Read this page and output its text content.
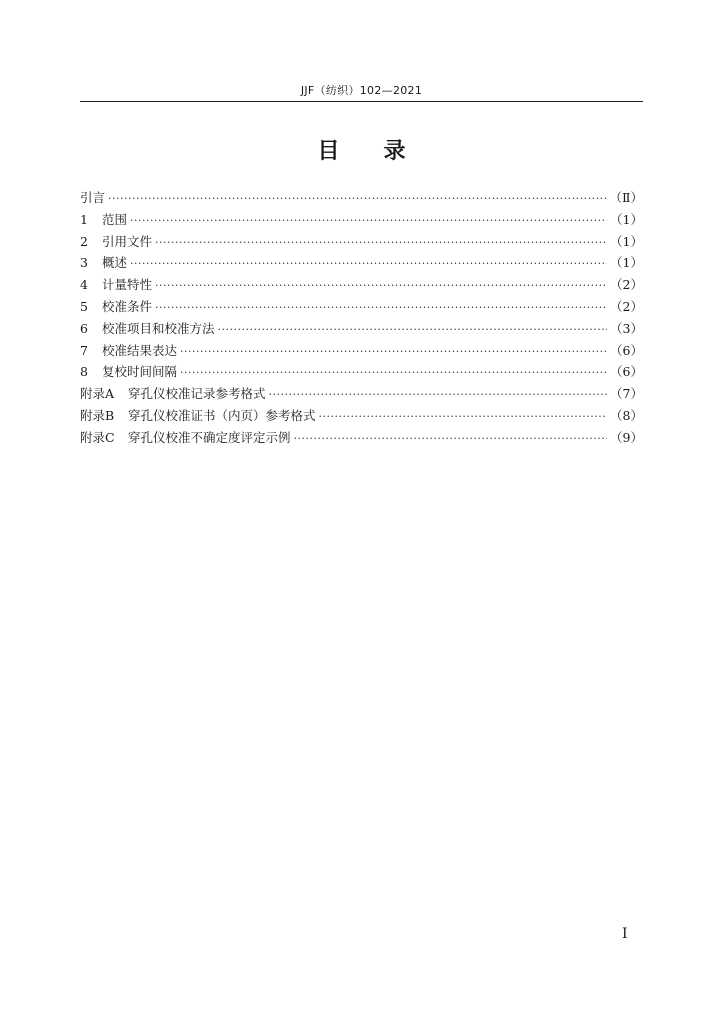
JJF（纺织）102—2021
目录
引言 ·····	（Ⅱ）
1 范围 ·····	（1）
2 引用文件 ·····	（1）
3 概述 ·····	（1）
4 计量特性 ·····	（2）
5 校准条件 ·····	（2）
6 校准项目和校准方法 ·····	（3）
7 校准结果表达 ·····	（6）
8 复校时间间隔 ·····	（6）
附录A 穿孔仪校准记录参考格式 ·····	（7）
附录B 穿孔仪校准证书（内页）参考格式 ·····	（8）
附录C 穿孔仪校准不确定度评定示例 ·····	（9）
I
